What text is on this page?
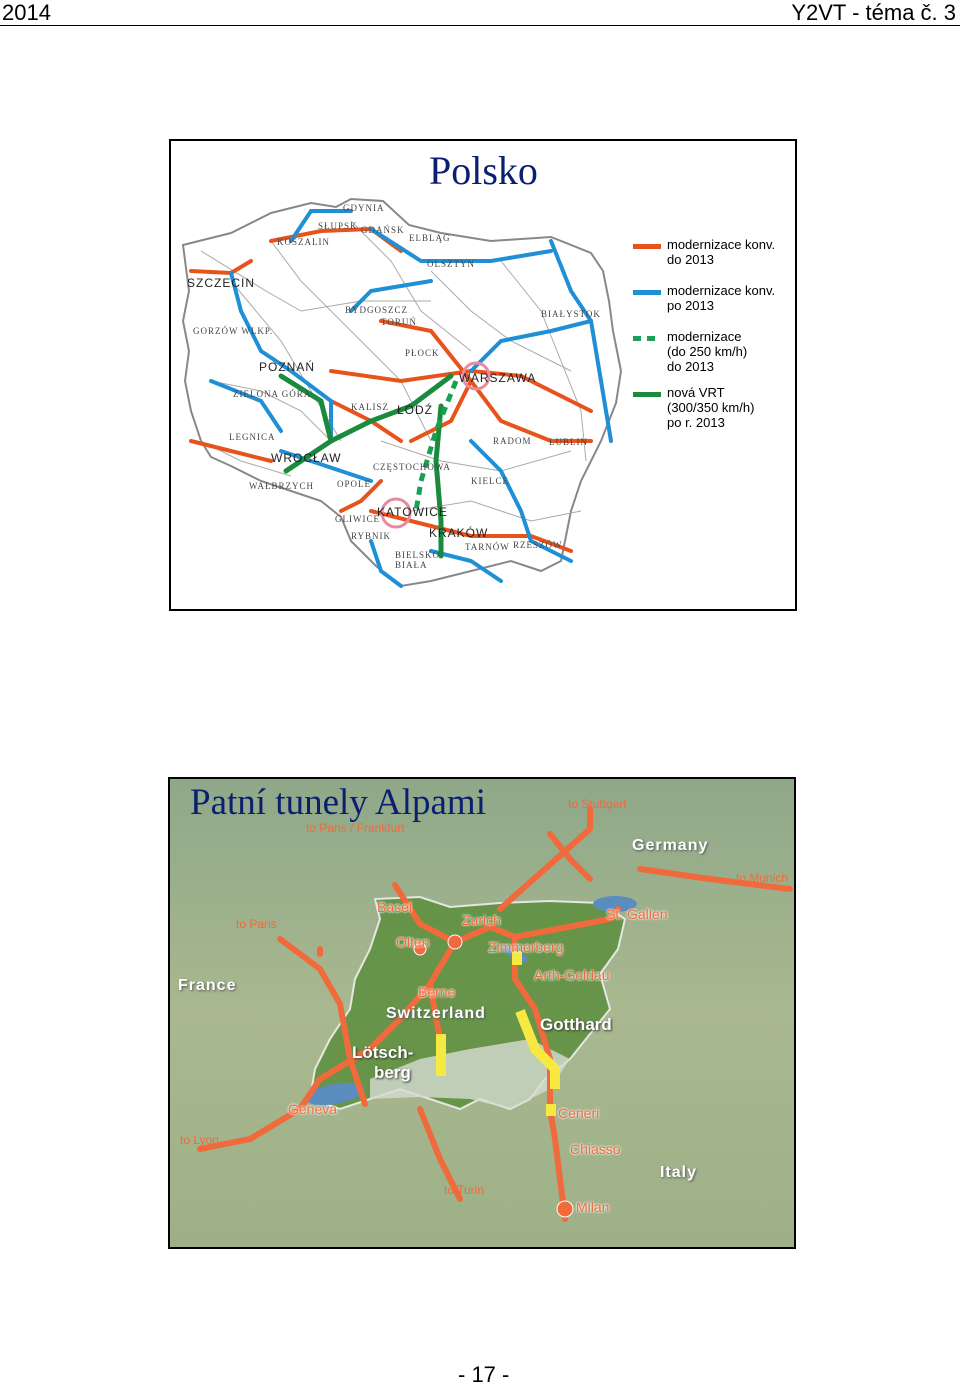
2014	Y2VT - téma č. 3
Polsko
GDYNIA
SŁUPSK GDAŃSK
KOSZALIN	ELBLĄG
OLSZTYN
SZCZECIN
BYDGOSZCZ	BIAŁYSTOK
TORUŃ
GORZÓW WLKP.
PŁOCK
POZNAŃ
WARSZAWA
ZIELONA GÓRA
KALISZ ŁÓDŹ
LEGNICA	RADOM LUBLIN
WROCŁAW
CZĘSTOCHOWA
WAŁBRZYCH	OPOLE	KIELCE
GLIWICE
KATOWICE
RYBNIK	KRAKÓW
TARNÓW RZESZÓW
BIELSKO
BIAŁA
modernizace konv.
do 2013
modernizace konv.
po 2013
modernizace
(do 250 km/h)
do 2013
nová VRT
(300/350 km/h)
po r. 2013
Patní tunely Alpami	to Stuttgart
to Paris / Frankfurt
Germany
to Munich
to Paris
Basel
Zurich	St. Gallen
Olten	Zimmerberg
France
Arth-Goldau
Berne
Switzerland
Gotthard
Lötsch-
berg
Geneva	Ceneri
to Lyon
Chiasso
Italy
to Turin
Milan
- 17 -
